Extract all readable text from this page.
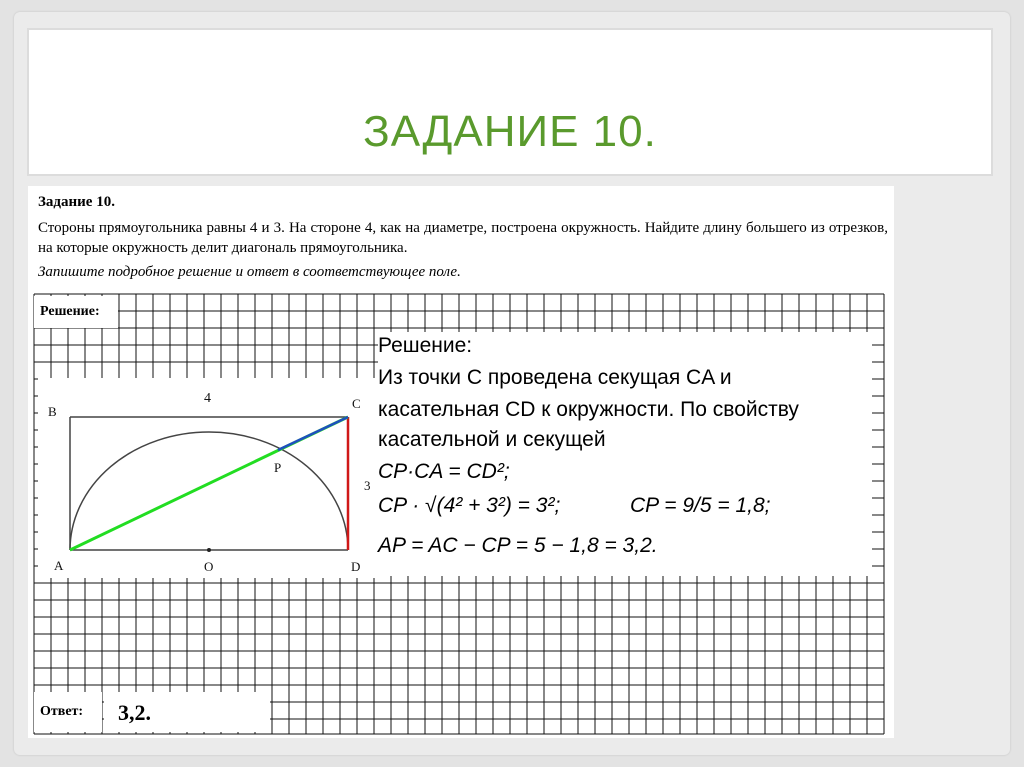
ЗАДАНИЕ 10.
Задание 10.
Стороны прямоугольника равны 4 и 3. На стороне 4, как на диаметре, построена окружность. Найдите длину большего из отрезков, на которые окружность делит диагональ прямоугольника.
Запишите подробное решение и ответ в соответствующее поле.
Решение:
Ответ:	3,2.
B
C
A	O	D
P
4
3
Решение:
Из точки C проведена секущая CA и
касательная CD к окружности. По свойству
касательной и секущей
CP·CA = CD²;
CP · √(4² + 3²) = 3²;	CP = 9/5 = 1,8;
AP = AC − CP = 5 − 1,8 = 3,2.
